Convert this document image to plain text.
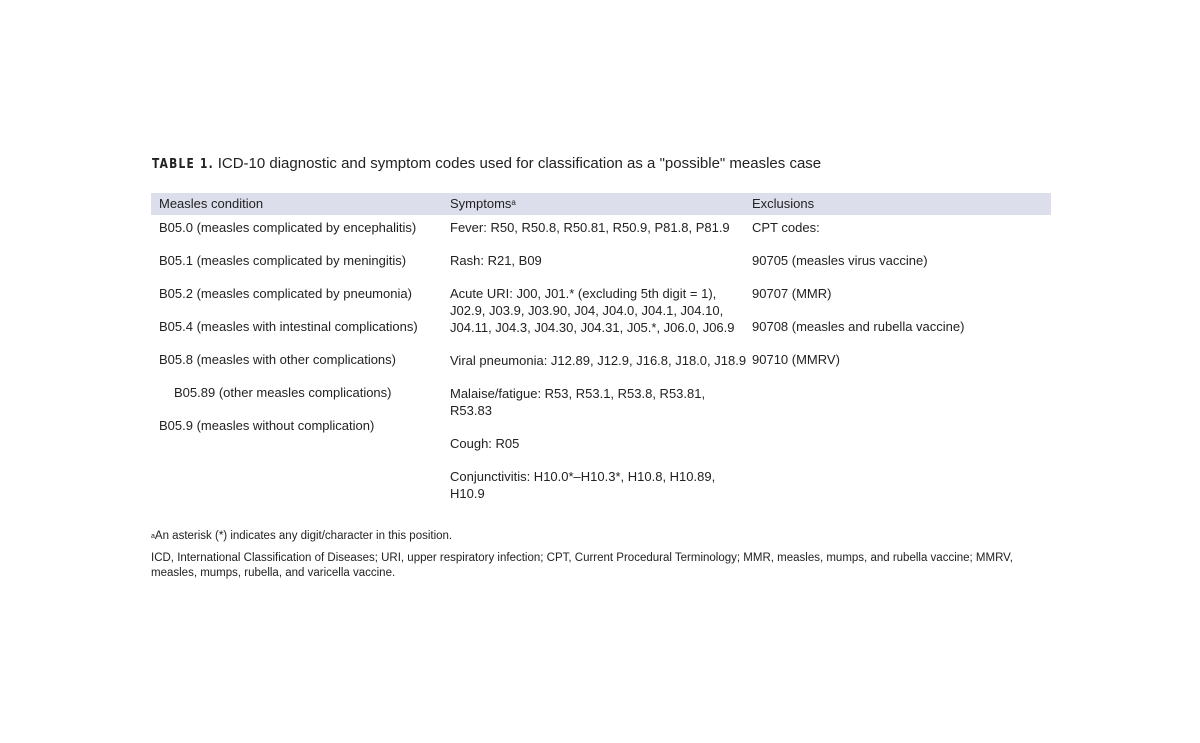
TABLE 1. ICD-10 diagnostic and symptom codes used for classification as a "possible" measles case
Measles condition	Symptoms$^a$	Exclusions
B05.0 (measles complicated by encephalitis)
B05.1 (measles complicated by meningitis)
B05.2 (measles complicated by pneumonia)
B05.4 (measles with intestinal complications)
B05.8 (measles with other complications)
B05.89 (other measles complications)
B05.9 (measles without complication)
Fever: R50, R50.8, R50.81, R50.9, P81.8, P81.9
Rash: R21, B09
Acute URI: J00, J01.* (excluding 5th digit = 1), J02.9, J03.9, J03.90, J04, J04.0, J04.1, J04.10, J04.11, J04.3, J04.30, J04.31, J05.*, J06.0, J06.9
Viral pneumonia: J12.89, J12.9, J16.8, J18.0, J18.9
Malaise/fatigue: R53, R53.1, R53.8, R53.81, R53.83
Cough: R05
Conjunctivitis: H10.0*–H10.3*, H10.8, H10.89, H10.9
CPT codes:
90705 (measles virus vaccine)
90707 (MMR)
90708 (measles and rubella vaccine)
90710 (MMRV)
$^a$An asterisk (*) indicates any digit/character in this position.
ICD, International Classification of Diseases; URI, upper respiratory infection; CPT, Current Procedural Terminology; MMR, measles, mumps, and rubella vaccine; MMRV, measles, mumps, rubella, and varicella vaccine.
